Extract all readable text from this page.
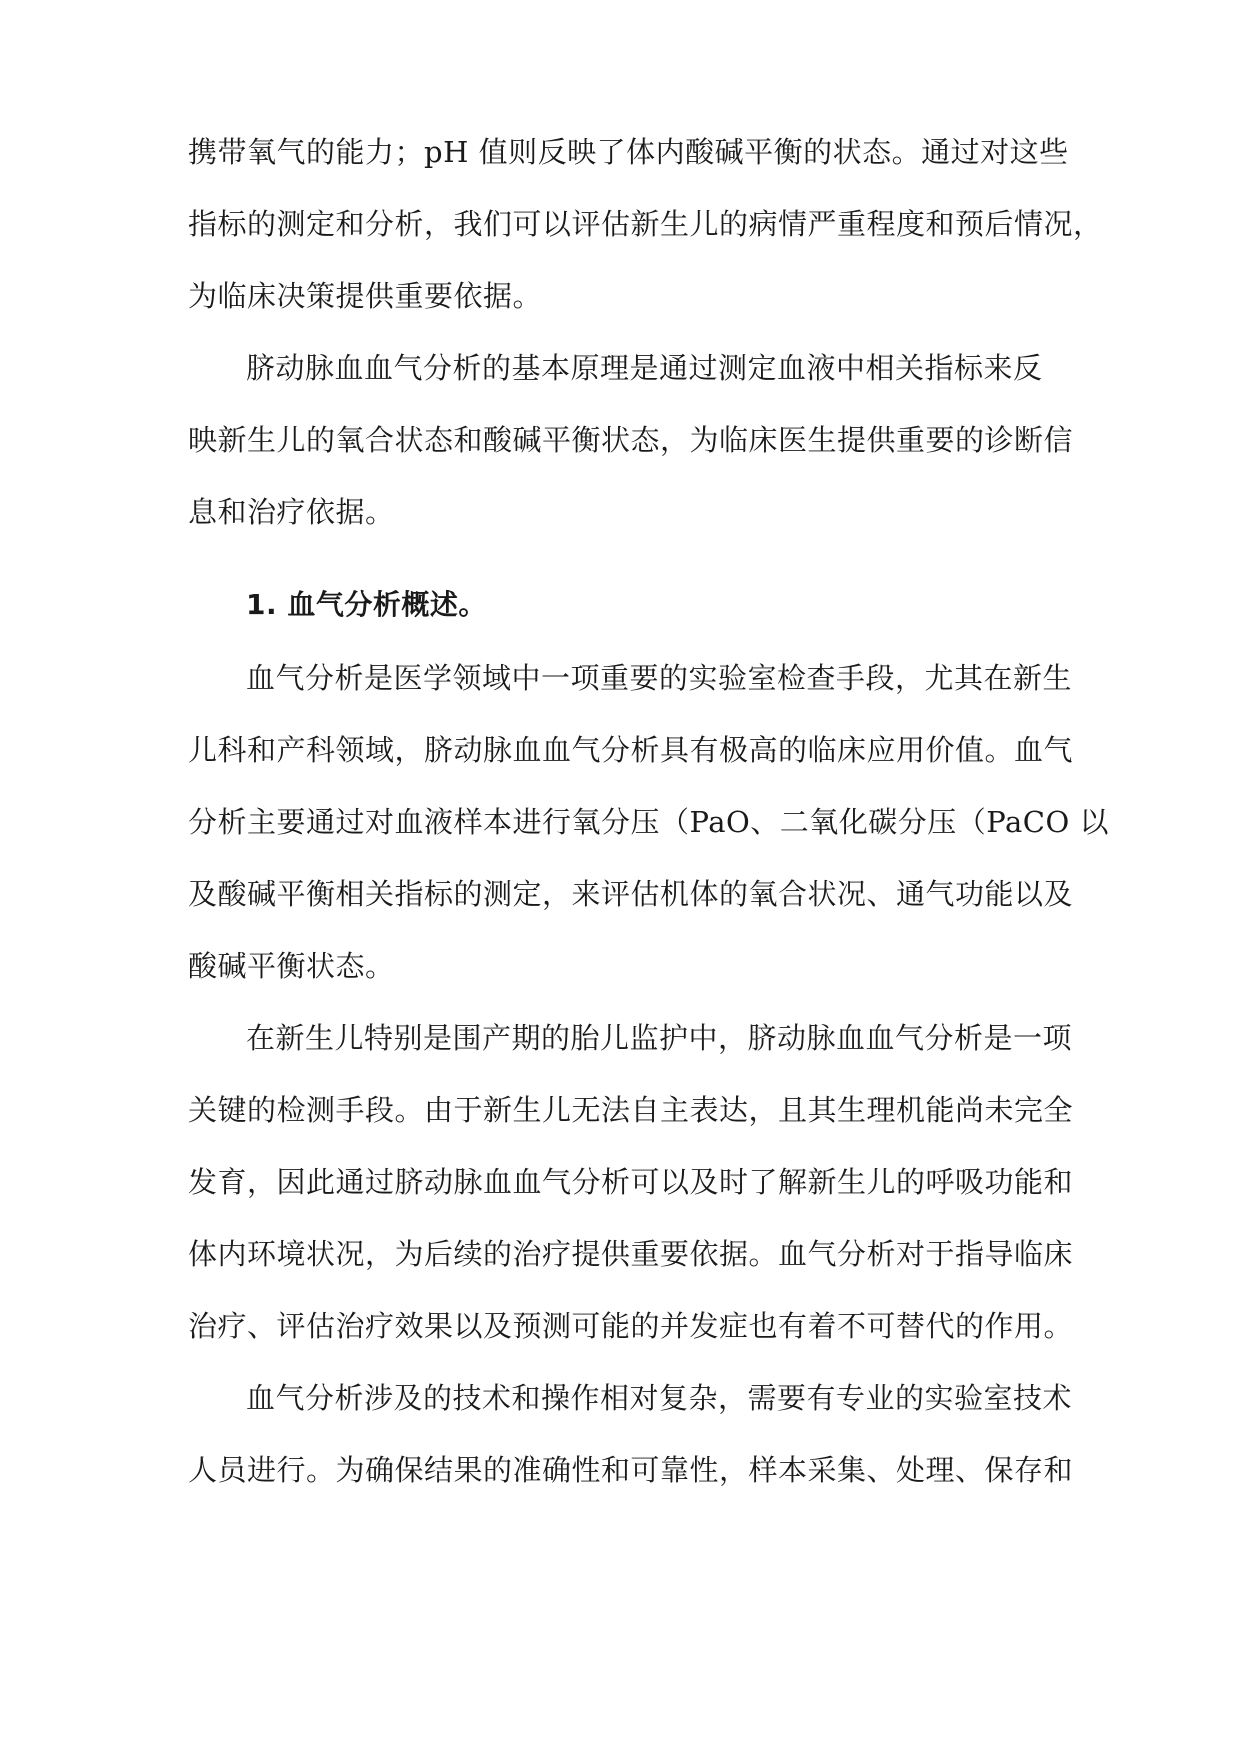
携带氧气的能力；pH 值则反映了体内酸碱平衡的状态。通过对这些
指标的测定和分析，我们可以评估新生儿的病情严重程度和预后情况，
为临床决策提供重要依据。
脐动脉血血气分析的基本原理是通过测定血液中相关指标来反
映新生儿的氧合状态和酸碱平衡状态，为临床医生提供重要的诊断信
息和治疗依据。
1. 血气分析概述。
血气分析是医学领域中一项重要的实验室检查手段，尤其在新生
儿科和产科领域，脐动脉血血气分析具有极高的临床应用价值。血气
分析主要通过对血液样本进行氧分压（PaO、二氧化碳分压（PaCO 以
及酸碱平衡相关指标的测定，来评估机体的氧合状况、通气功能以及
酸碱平衡状态。
在新生儿特别是围产期的胎儿监护中，脐动脉血血气分析是一项
关键的检测手段。由于新生儿无法自主表达，且其生理机能尚未完全
发育，因此通过脐动脉血血气分析可以及时了解新生儿的呼吸功能和
体内环境状况，为后续的治疗提供重要依据。血气分析对于指导临床
治疗、评估治疗效果以及预测可能的并发症也有着不可替代的作用。
血气分析涉及的技术和操作相对复杂，需要有专业的实验室技术
人员进行。为确保结果的准确性和可靠性，样本采集、处理、保存和
